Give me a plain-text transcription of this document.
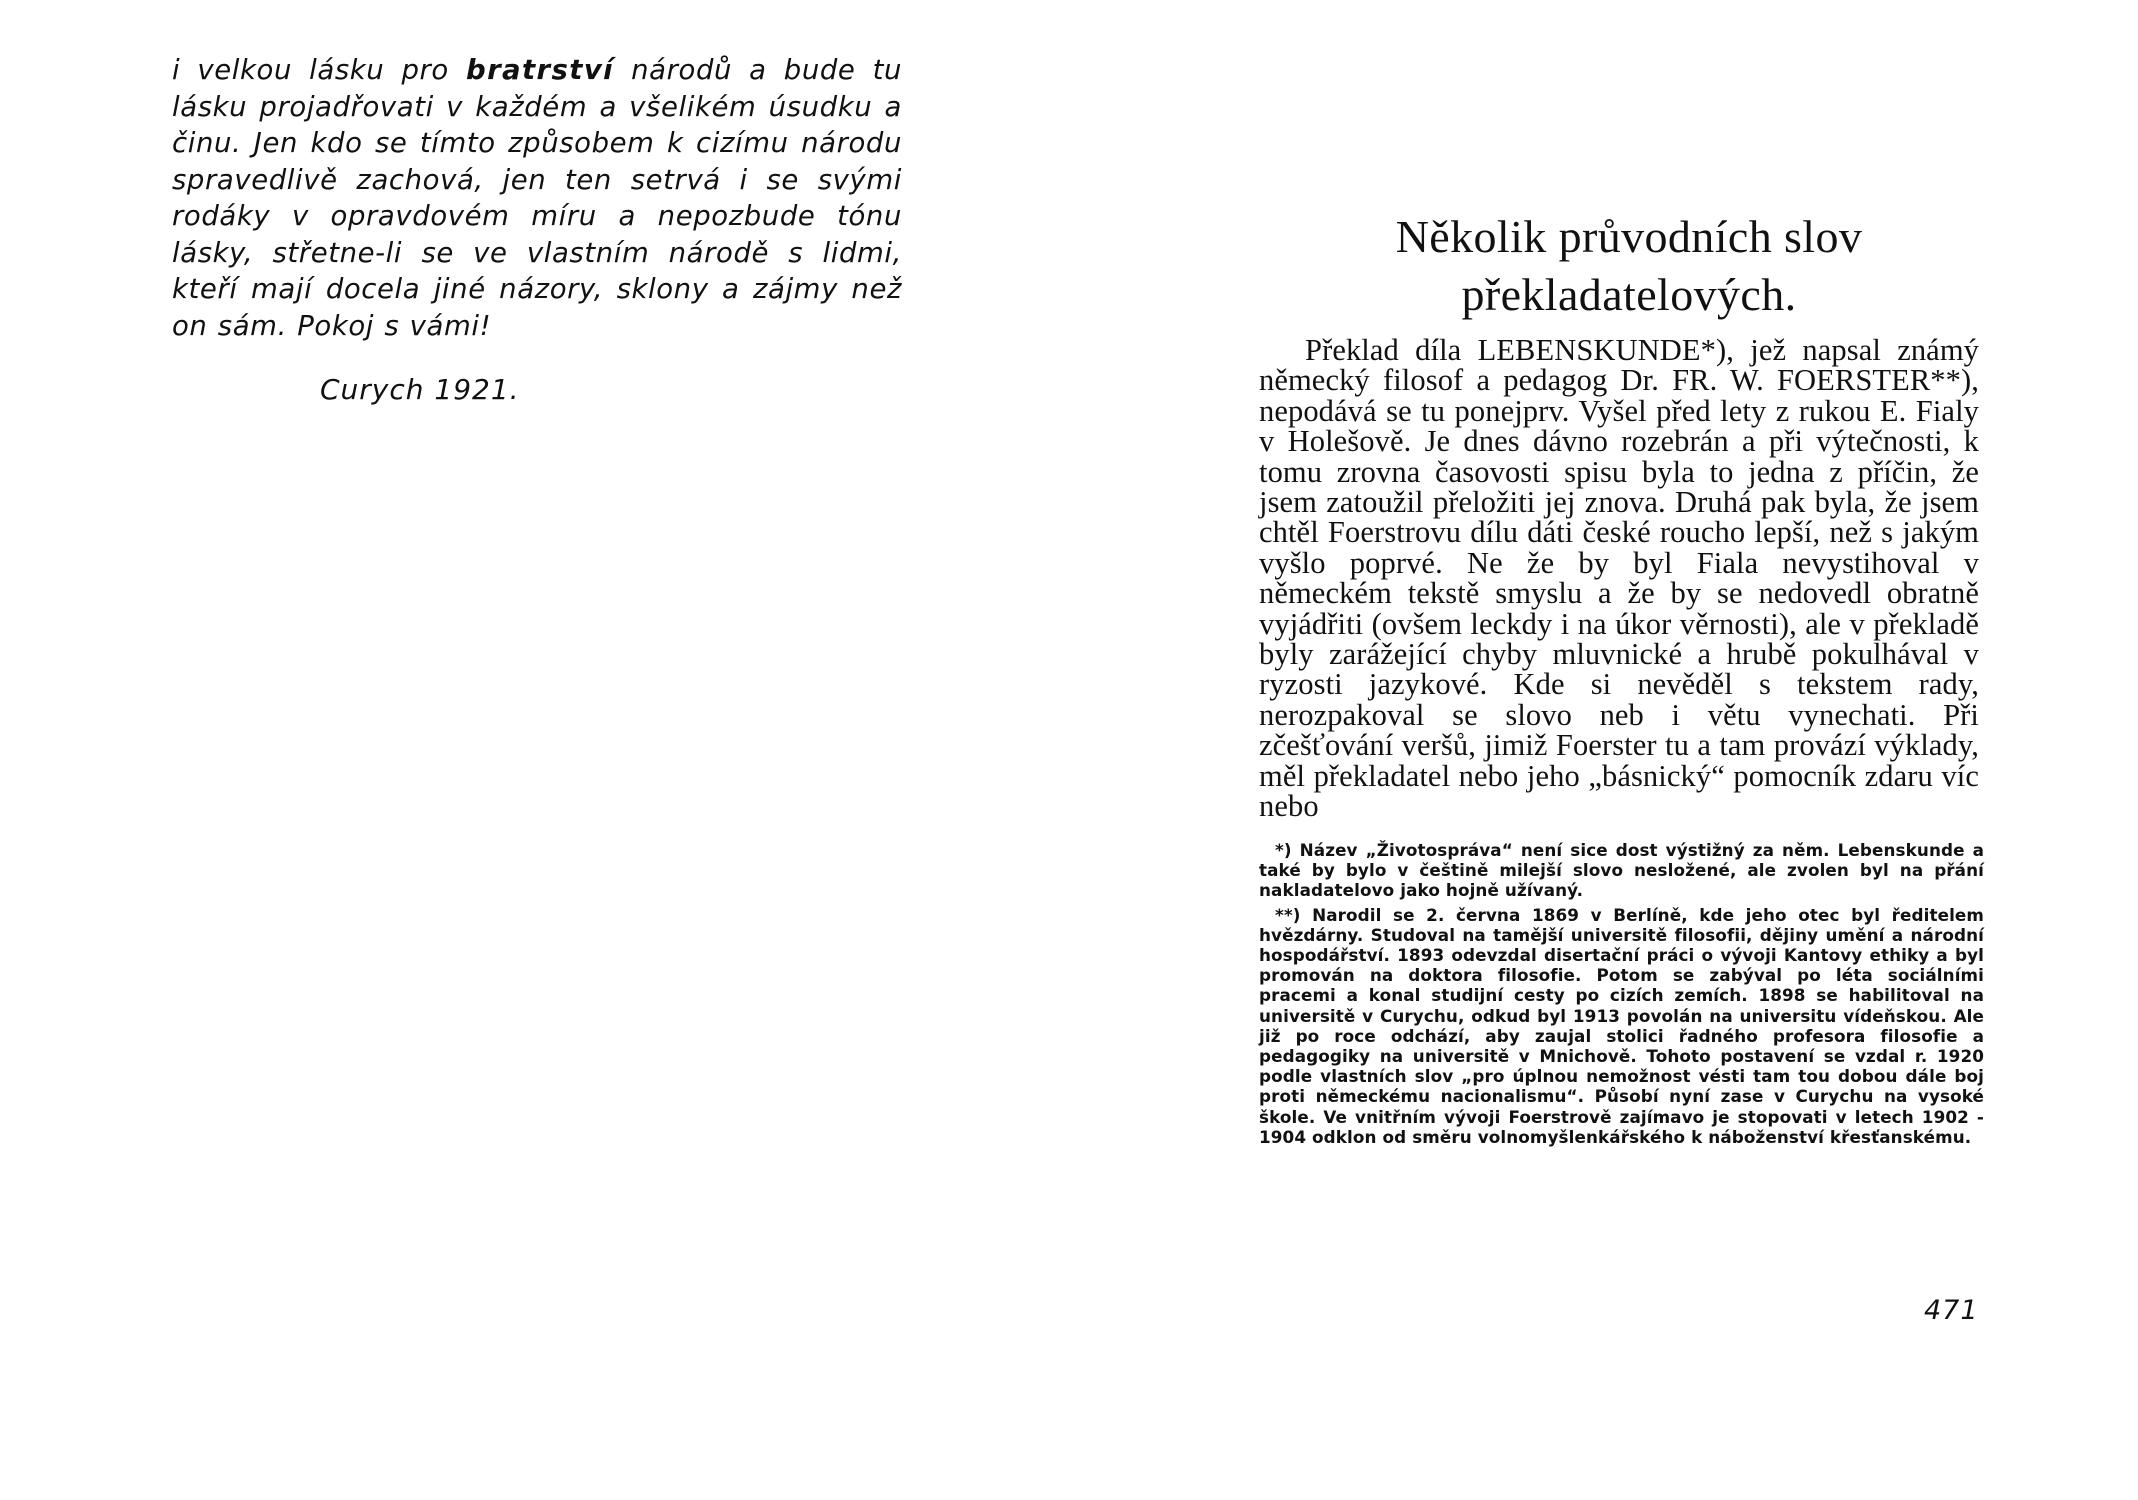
i velkou lásku pro bratrství národů a bude tu lásku projadřovati v každém a všelikém úsudku a činu. Jen kdo se tímto způsobem k cizímu národu spravedlivě zachová, jen ten setrvá i se svými rodáky v opravdovém míru a nepozbude tónu lásky, střetne-li se ve vlastním národě s lidmi, kteří mají docela jiné názory, sklony a zájmy než on sám. Pokoj s vámi!
Curych 1921.
Několik průvodních slov
překladatelových.

Překlad díla LEBENSKUNDE*), jež napsal známý německý filosof a pedagog Dr. FR. W. FOERSTER**), nepodává se tu ponejprv. Vyšel před lety z rukou E. Fialy v Holešově. Je dnes dávno rozebrán a při výtečnosti, k tomu zrovna časovosti spisu byla to jedna z příčin, že jsem zatoužil přeložiti jej znova. Druhá pak byla, že jsem chtěl Foerstrovu dílu dáti české roucho lepší, než s jakým vyšlo poprvé. Ne že by byl Fiala nevystihoval v německém tekstě smyslu a že by se nedovedl obratně vyjádřiti (ovšem leckdy i na úkor věrnosti), ale v překladě byly zarážející chyby mluvnické a hrubě pokulhával v ryzosti jazykové. Kde si nevěděl s tekstem rady, nerozpakoval se slovo neb i větu vynechati. Při zčešťování veršů, jimiž Foerster tu a tam provází výklady, měl překladatel nebo jeho „básnický“ pomocník zdaru víc nebo

*) Název „Životospráva“ není sice dost výstižný za něm. Lebenskunde a také by bylo v češtině milejší slovo nesložené, ale zvolen byl na přání nakladatelovo jako hojně užívaný.

**) Narodil se 2. června 1869 v Berlíně, kde jeho otec byl ředitelem hvězdárny. Studoval na tamější universitě filosofii, dějiny umění a národní hospodářství. 1893 odevzdal disertační práci o vývoji Kantovy ethiky a byl promován na doktora filosofie. Potom se zabýval po léta sociálními pracemi a konal studijní cesty po cizích zemích. 1898 se habilitoval na universitě v Curychu, odkud byl 1913 povolán na universitu vídeňskou. Ale již po roce odchází, aby zaujal stolici řadného profesora filosofie a pedagogiky na universitě v Mnichově. Tohoto postavení se vzdal r. 1920 podle vlastních slov „pro úplnou nemožnost vésti tam tou dobou dále boj proti německému nacionalismu“. Působí nyní zase v Curychu na vysoké škole. Ve vnitřním vývoji Foerstrově zajímavo je stopovati v letech 1902 - 1904 odklon od směru volnomyšlenkářského k náboženství křesťanskému.

471
